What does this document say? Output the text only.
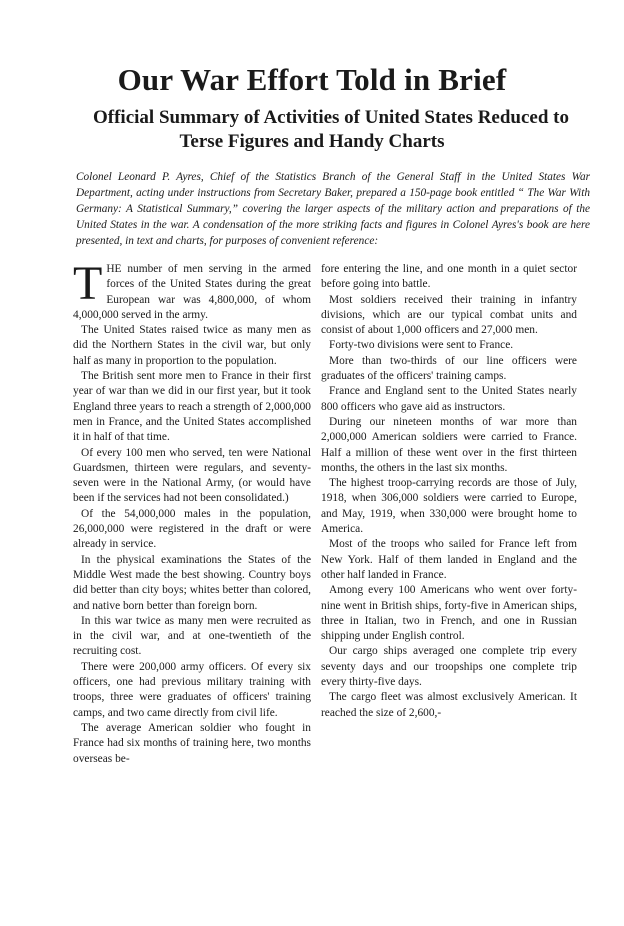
Our War Effort Told in Brief
Official Summary of Activities of United States Reduced to
Terse Figures and Handy Charts

Colonel Leonard P. Ayres, Chief of the Statistics Branch of the General Staff in the United States War Department, acting under instructions from Secretary Baker, prepared a 150-page book entitled “ The War With Germany: A Statistical Summary,” covering the larger aspects of the military action and preparations of the United States in the war. A condensation of the more striking facts and figures in Colonel Ayres's book are here presented, in text and charts, for purposes of convenient reference:

THE number of men serving in the armed forces of the United States during the great European war was 4,800,000, of whom 4,000,000 served in the army.

The United States raised twice as many men as did the Northern States in the civil war, but only half as many in proportion to the population.

The British sent more men to France in their first year of war than we did in our first year, but it took England three years to reach a strength of 2,000,000 men in France, and the United States accomplished it in half of that time.

Of every 100 men who served, ten were National Guardsmen, thirteen were regulars, and seventy-seven were in the National Army, (or would have been if the services had not been consolidated.)

Of the 54,000,000 males in the population, 26,000,000 were registered in the draft or were already in service.

In the physical examinations the States of the Middle West made the best showing. Country boys did better than city boys; whites better than colored, and native born better than foreign born.

In this war twice as many men were recruited as in the civil war, and at one-twentieth of the recruiting cost.

There were 200,000 army officers. Of every six officers, one had previous military training with troops, three were graduates of officers' training camps, and two came directly from civil life.

The average American soldier who fought in France had six months of training here, two months overseas be-

fore entering the line, and one month in a quiet sector before going into battle.

Most soldiers received their training in infantry divisions, which are our typical combat units and consist of about 1,000 officers and 27,000 men.

Forty-two divisions were sent to France.

More than two-thirds of our line officers were graduates of the officers' training camps.

France and England sent to the United States nearly 800 officers who gave aid as instructors.

During our nineteen months of war more than 2,000,000 American soldiers were carried to France. Half a million of these went over in the first thirteen months, the others in the last six months.

The highest troop-carrying records are those of July, 1918, when 306,000 soldiers were carried to Europe, and May, 1919, when 330,000 were brought home to America.

Most of the troops who sailed for France left from New York. Half of them landed in England and the other half landed in France.

Among every 100 Americans who went over forty-nine went in British ships, forty-five in American ships, three in Italian, two in French, and one in Russian shipping under English control.

Our cargo ships averaged one complete trip every seventy days and our troopships one complete trip every thirty-five days.

The cargo fleet was almost exclusively American. It reached the size of 2,600,-
